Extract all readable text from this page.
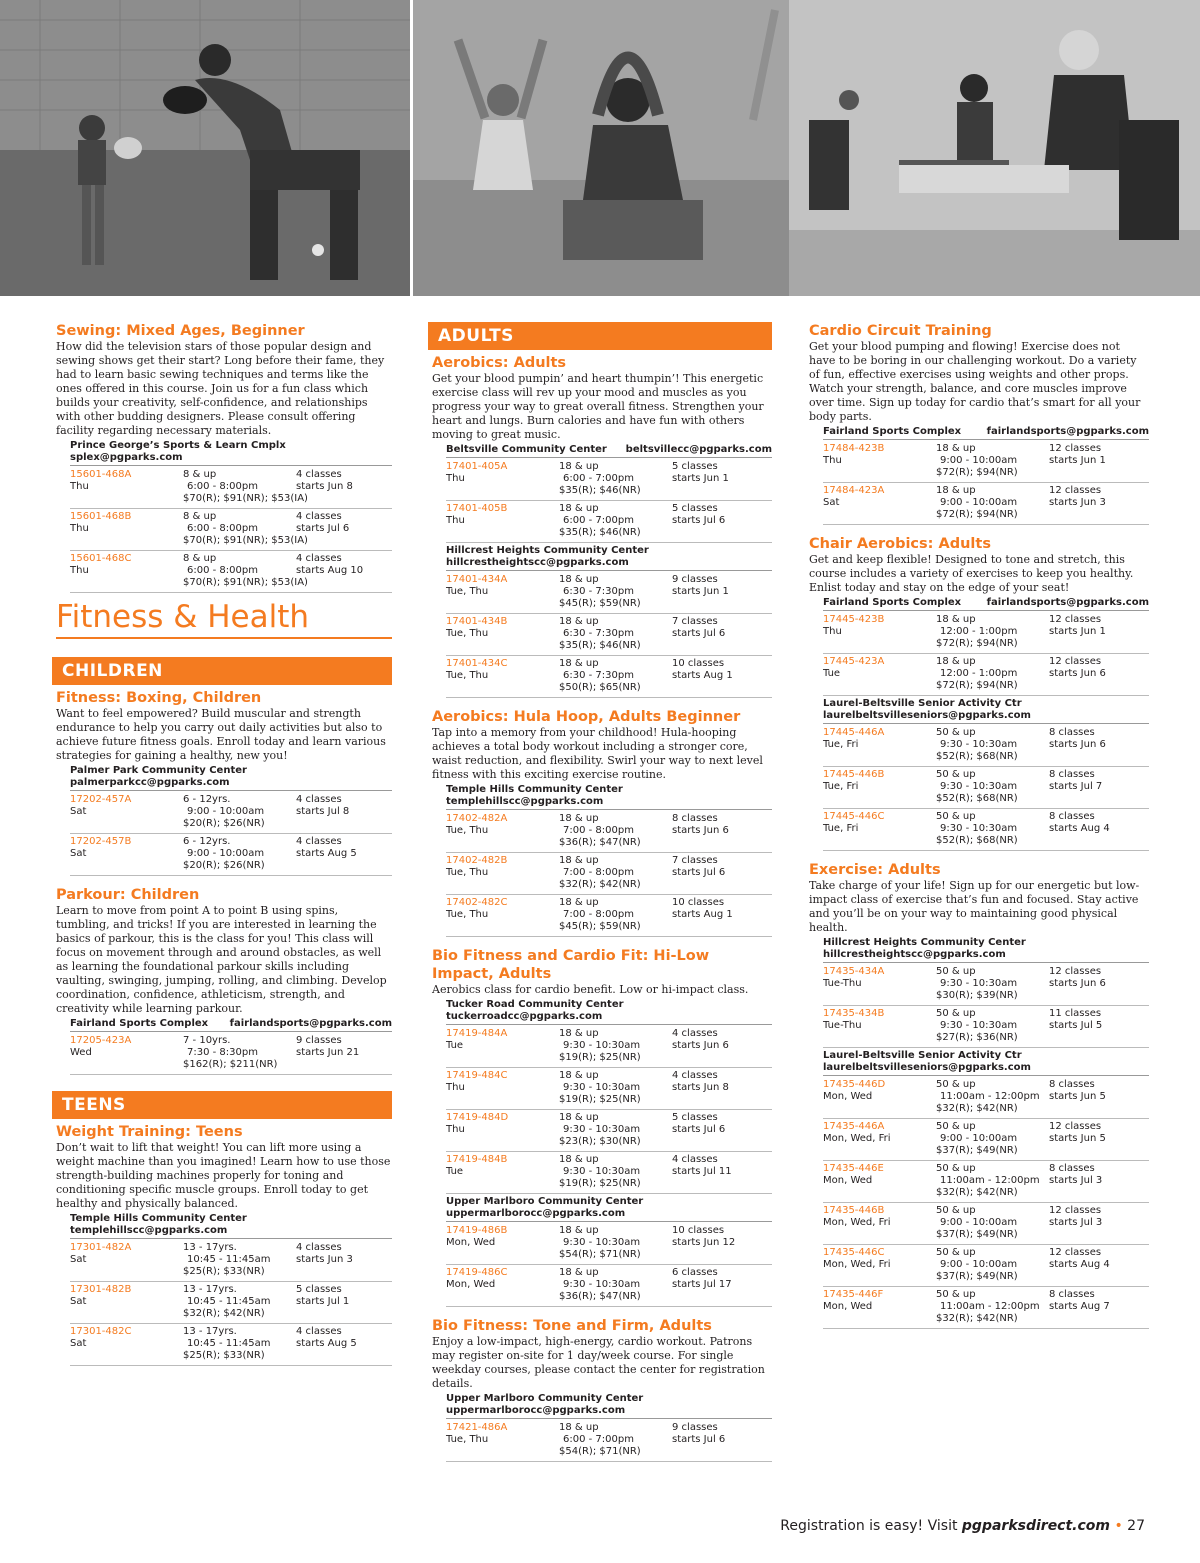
Sewing: Mixed Ages, Beginner
How did the television stars of those popular design and sewing shows get their start? Long before their fame, they had to learn basic sewing techniques and terms like the ones offered in this course. Join us for a fun class which builds your creativity, self-confidence, and relationships with other budding designers. Please consult offering facility regarding necessary materials.
Prince George’s Sports & Learn Cmplx
splex@pgparks.com
15601-468A
Thu
8 & up
6:00 - 8:00pm
$70(R); $91(NR); $53(IA)
4 classes
starts Jun 8
15601-468B
Thu
8 & up
6:00 - 8:00pm
$70(R); $91(NR); $53(IA)
4 classes
starts Jul 6
15601-468C
Thu
8 & up
6:00 - 8:00pm
$70(R); $91(NR); $53(IA)
4 classes
starts Aug 10
Fitness & Health
CHILDREN
Fitness: Boxing, Children
Want to feel empowered? Build muscular and strength endurance to help you carry out daily activities but also to achieve future fitness goals. Enroll today and learn various strategies for gaining a healthy, new you!
Palmer Park Community Center
palmerparkcc@pgparks.com
17202-457A
Sat
6 - 12yrs.
9:00 - 10:00am
$20(R); $26(NR)
4 classes
starts Jul 8
17202-457B
Sat
6 - 12yrs.
9:00 - 10:00am
$20(R); $26(NR)
4 classes
starts Aug 5
Parkour: Children
Learn to move from point A to point B using spins, tumbling, and tricks! If you are interested in learning the basics of parkour, this is the class for you! This class will focus on movement through and around obstacles, as well as learning the foundational parkour skills including vaulting, swinging, jumping, rolling, and climbing. Develop coordination, confidence, athleticism, strength, and creativity while learning parkour.
Fairland Sports Complex fairlandsports@pgparks.com
17205-423A
Wed
7 - 10yrs.
7:30 - 8:30pm
$162(R); $211(NR)
9 classes
starts Jun 21
TEENS
Weight Training: Teens
Don’t wait to lift that weight! You can lift more using a weight machine than you imagined! Learn how to use those strength-building machines properly for toning and conditioning specific muscle groups. Enroll today to get healthy and physically balanced.
Temple Hills Community Center
templehillscc@pgparks.com
17301-482A
Sat
13 - 17yrs.
10:45 - 11:45am
$25(R); $33(NR)
4 classes
starts Jun 3
17301-482B
Sat
13 - 17yrs.
10:45 - 11:45am
$32(R); $42(NR)
5 classes
starts Jul 1
17301-482C
Sat
13 - 17yrs.
10:45 - 11:45am
$25(R); $33(NR)
4 classes
starts Aug 5
ADULTS
Aerobics: Adults
Get your blood pumpin’ and heart thumpin’! This energetic exercise class will rev up your mood and muscles as you progress your way to great overall fitness. Strengthen your heart and lungs. Burn calories and have fun with others moving to great music.
Beltsville Community Center beltsvillecc@pgparks.com
17401-405A
Thu
18 & up
6:00 - 7:00pm
$35(R); $46(NR)
5 classes
starts Jun 1
17401-405B
Thu
18 & up
6:00 - 7:00pm
$35(R); $46(NR)
5 classes
starts Jul 6
Hillcrest Heights Community Center
hillcrestheightscc@pgparks.com
17401-434A
Tue, Thu
18 & up
6:30 - 7:30pm
$45(R); $59(NR)
9 classes
starts Jun 1
17401-434B
Tue, Thu
18 & up
6:30 - 7:30pm
$35(R); $46(NR)
7 classes
starts Jul 6
17401-434C
Tue, Thu
18 & up
6:30 - 7:30pm
$50(R); $65(NR)
10 classes
starts Aug 1
Aerobics: Hula Hoop, Adults Beginner
Tap into a memory from your childhood! Hula-hooping achieves a total body workout including a stronger core, waist reduction, and flexibility. Swirl your way to next level fitness with this exciting exercise routine.
Temple Hills Community Center
templehillscc@pgparks.com
17402-482A
Tue, Thu
18 & up
7:00 - 8:00pm
$36(R); $47(NR)
8 classes
starts Jun 6
17402-482B
Tue, Thu
18 & up
7:00 - 8:00pm
$32(R); $42(NR)
7 classes
starts Jul 6
17402-482C
Tue, Thu
18 & up
7:00 - 8:00pm
$45(R); $59(NR)
10 classes
starts Aug 1
Bio Fitness and Cardio Fit: Hi-Low Impact, Adults
Aerobics class for cardio benefit. Low or hi-impact class.
Tucker Road Community Center
tuckerroadcc@pgparks.com
17419-484A
Tue
18 & up
9:30 - 10:30am
$19(R); $25(NR)
4 classes
starts Jun 6
17419-484C
Thu
18 & up
9:30 - 10:30am
$19(R); $25(NR)
4 classes
starts Jun 8
17419-484D
Thu
18 & up
9:30 - 10:30am
$23(R); $30(NR)
5 classes
starts Jul 6
17419-484B
Tue
18 & up
9:30 - 10:30am
$19(R); $25(NR)
4 classes
starts Jul 11
Upper Marlboro Community Center
uppermarlborocc@pgparks.com
17419-486B
Mon, Wed
18 & up
9:30 - 10:30am
$54(R); $71(NR)
10 classes
starts Jun 12
17419-486C
Mon, Wed
18 & up
9:30 - 10:30am
$36(R); $47(NR)
6 classes
starts Jul 17
Bio Fitness: Tone and Firm, Adults
Enjoy a low-impact, high-energy, cardio workout. Patrons may register on-site for 1 day/week course. For single weekday courses, please contact the center for registration details.
Upper Marlboro Community Center
uppermarlborocc@pgparks.com
17421-486A
Tue, Thu
18 & up
6:00 - 7:00pm
$54(R); $71(NR)
9 classes
starts Jul 6
Cardio Circuit Training
Get your blood pumping and flowing! Exercise does not have to be boring in our challenging workout. Do a variety of fun, effective exercises using weights and other props. Watch your strength, balance, and core muscles improve over time. Sign up today for cardio that’s smart for all your body parts.
Fairland Sports Complex	fairlandsports@pgparks.com
17484-423B
Thu
18 & up
9:00 - 10:00am
$72(R); $94(NR)
12 classes
starts Jun 1
17484-423A
Sat
18 & up
9:00 - 10:00am
$72(R); $94(NR)
12 classes
starts Jun 3
Chair Aerobics: Adults
Get and keep flexible! Designed to tone and stretch, this course includes a variety of exercises to keep you healthy. Enlist today and stay on the edge of your seat!
Fairland Sports Complex	fairlandsports@pgparks.com
17445-423B
Thu
18 & up
12:00 - 1:00pm
$72(R); $94(NR)
12 classes
starts Jun 1
17445-423A
Tue
18 & up
12:00 - 1:00pm
$72(R); $94(NR)
12 classes
starts Jun 6
Laurel-Beltsville Senior Activity Ctr
laurelbeltsvilleseniors@pgparks.com
17445-446A
Tue, Fri
50 & up
9:30 - 10:30am
$52(R); $68(NR)
8 classes
starts Jun 6
17445-446B
Tue, Fri
50 & up
9:30 - 10:30am
$52(R); $68(NR)
8 classes
starts Jul 7
17445-446C
Tue, Fri
50 & up
9:30 - 10:30am
$52(R); $68(NR)
8 classes
starts Aug 4
Exercise: Adults
Take charge of your life! Sign up for our energetic but low-impact class of exercise that’s fun and focused. Stay active and you’ll be on your way to maintaining good physical health.
Hillcrest Heights Community Center
hillcrestheightscc@pgparks.com
17435-434A
Tue-Thu
50 & up
9:30 - 10:30am
$30(R); $39(NR)
12 classes
starts Jun 6
17435-434B
Tue-Thu
50 & up
9:30 - 10:30am
$27(R); $36(NR)
11 classes
starts Jul 5
Laurel-Beltsville Senior Activity Ctr
laurelbeltsvilleseniors@pgparks.com
17435-446D
Mon, Wed
50 & up
11:00am - 12:00pm
$32(R); $42(NR)
8 classes
starts Jun 5
17435-446A
Mon, Wed, Fri
50 & up
9:00 - 10:00am
$37(R); $49(NR)
12 classes
starts Jun 5
17435-446E
Mon, Wed
50 & up
11:00am - 12:00pm
$32(R); $42(NR)
8 classes
starts Jul 3
17435-446B
Mon, Wed, Fri
50 & up
9:00 - 10:00am
$37(R); $49(NR)
12 classes
starts Jul 3
17435-446C
Mon, Wed, Fri
50 & up
9:00 - 10:00am
$37(R); $49(NR)
12 classes
starts Aug 4
17435-446F
Mon, Wed
50 & up
11:00am - 12:00pm
$32(R); $42(NR)
8 classes
starts Aug 7
Registration is easy! Visit pgparksdirect.com • 27
